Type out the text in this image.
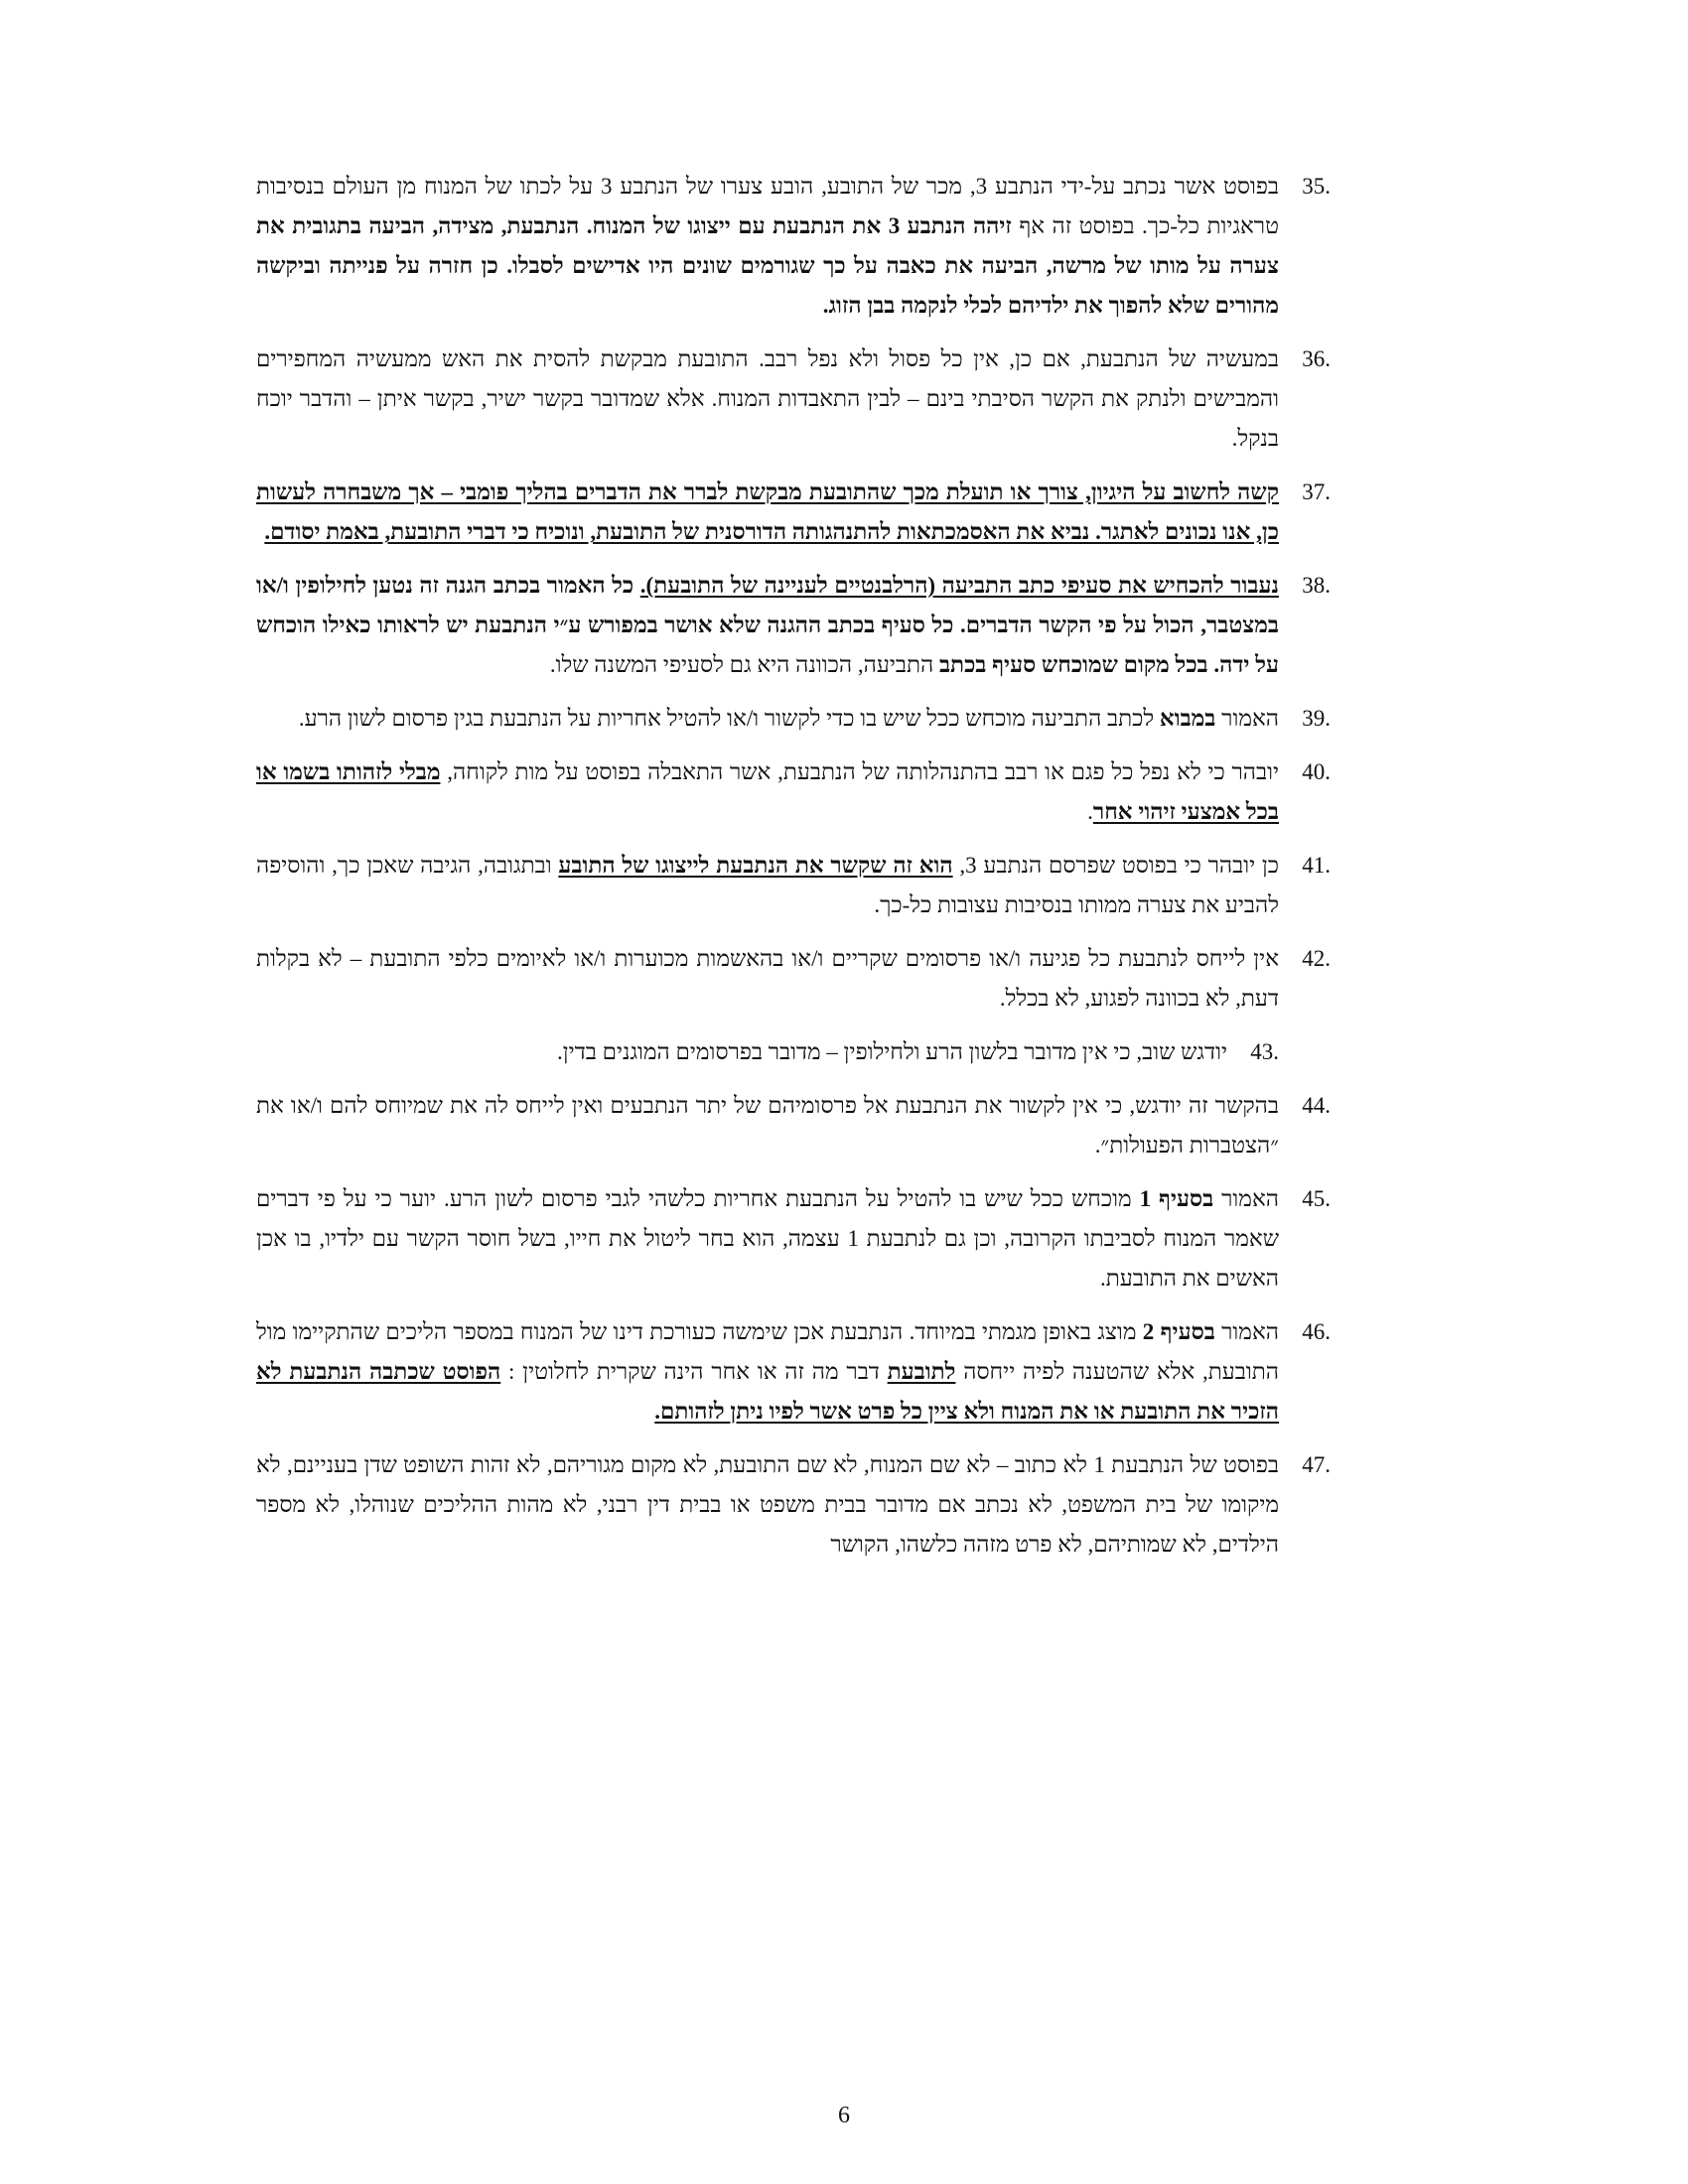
35.
בפוסט אשר נכתב על-ידי הנתבע 3, מכר של התובע, הובע צערו של הנתבע 3 על לכתו של המנוח מן העולם בנסיבות טראגיות כל-כך. בפוסט זה אף זיהה הנתבע 3 את הנתבעת עם ייצוגו של המנוח. הנתבעת, מצידה, הביעה בתגובית את צערה על מותו של מרשה, הביעה את כאבה על כך שגורמים שונים היו אדישים לסבלו. כן חזרה על פנייתה וביקשה מהורים שלא להפוך את ילדיהם לכלי לנקמה בבן הזוג.
36.
במעשיה של הנתבעת, אם כן, אין כל פסול ולא נפל רבב. התובעת מבקשת להסית את האש ממעשיה המחפירים והמבישים ולנתק את הקשר הסיבתי בינם – לבין התאבדות המנוח. אלא שמדובר בקשר ישיר, בקשר איתן – והדבר יוכח בנקל.
37.
קשה לחשוב על היגיון, צורך או תועלת מכך שהתובעת מבקשת לברר את הדברים בהליך פומבי – אך משבחרה לעשות כן, אנו נכונים לאתגר. נביא את האסמכתאות להתנהגותה הדורסנית של התובעת, ונוכיח כי דברי התובעת, באמת יסודם.
38.
נעבור להכחיש את סעיפי כתב התביעה (הרלבנטיים לעניינה של התובעת). כל האמור בכתב הגנה זה נטען לחילופין ו/או במצטבר, הכול על פי הקשר הדברים. כל סעיף בכתב ההגנה שלא אושר במפורש ע״י הנתבעת יש לראותו כאילו הוכחש על ידה. בכל מקום שמוכחש סעיף בכתב התביעה, הכוונה היא גם לסעיפי המשנה שלו.
39.
האמור במבוא לכתב התביעה מוכחש ככל שיש בו כדי לקשור ו/או להטיל אחריות על הנתבעת בגין פרסום לשון הרע.
40.
יובהר כי לא נפל כל פגם או רבב בהתנהלותה של הנתבעת, אשר התאבלה בפוסט על מות לקוחה, מבלי לזהותו בשמו או בכל אמצעי זיהוי אחר.
41.
כן יובהר כי בפוסט שפרסם הנתבע 3, הוא זה שקשר את הנתבעת לייצוגו של התובע ובתגובה, הגיבה שאכן כך, והוסיפה להביע את צערה ממותו בנסיבות עצובות כל-כך.
42.
אין לייחס לנתבעת כל פגיעה ו/או פרסומים שקריים ו/או בהאשמות מכוערות ו/או לאיומים כלפי התובעת – לא בקלות דעת, לא בכוונה לפגוע, לא בכלל.
43.
יודגש שוב, כי אין מדובר בלשון הרע ולחילופין – מדובר בפרסומים המוגנים בדין.
44.
בהקשר זה יודגש, כי אין לקשור את הנתבעת אל פרסומיהם של יתר הנתבעים ואין לייחס לה את שמיוחס להם ו/או את ״הצטברות הפעולות״.
45.
האמור בסעיף 1 מוכחש ככל שיש בו להטיל על הנתבעת אחריות כלשהי לגבי פרסום לשון הרע. יוער כי על פי דברים שאמר המנוח לסביבתו הקרובה, וכן גם לנתבעת 1 עצמה, הוא בחר ליטול את חייו, בשל חוסר הקשר עם ילדיו, בו אכן האשים את התובעת.
46.
האמור בסעיף 2 מוצג באופן מגמתי במיוחד. הנתבעת אכן שימשה כעורכת דינו של המנוח במספר הליכים שהתקיימו מול התובעת, אלא שהטענה לפיה ייחסה לתובעת דבר מה זה או אחר הינה שקרית לחלוטין : הפוסט שכתבה הנתבעת לא הזכיר את התובעת או את המנוח ולא ציין כל פרט אשר לפיו ניתן לזהותם.
47.
בפוסט של הנתבעת 1 לא כתוב – לא שם המנוח, לא שם התובעת, לא מקום מגוריהם, לא זהות השופט שדן בעניינם, לא מיקומו של בית המשפט, לא נכתב אם מדובר בבית משפט או בבית דין רבני, לא מהות ההליכים שנוהלו, לא מספר הילדים, לא שמותיהם, לא פרט מזהה כלשהו, הקושר
6
